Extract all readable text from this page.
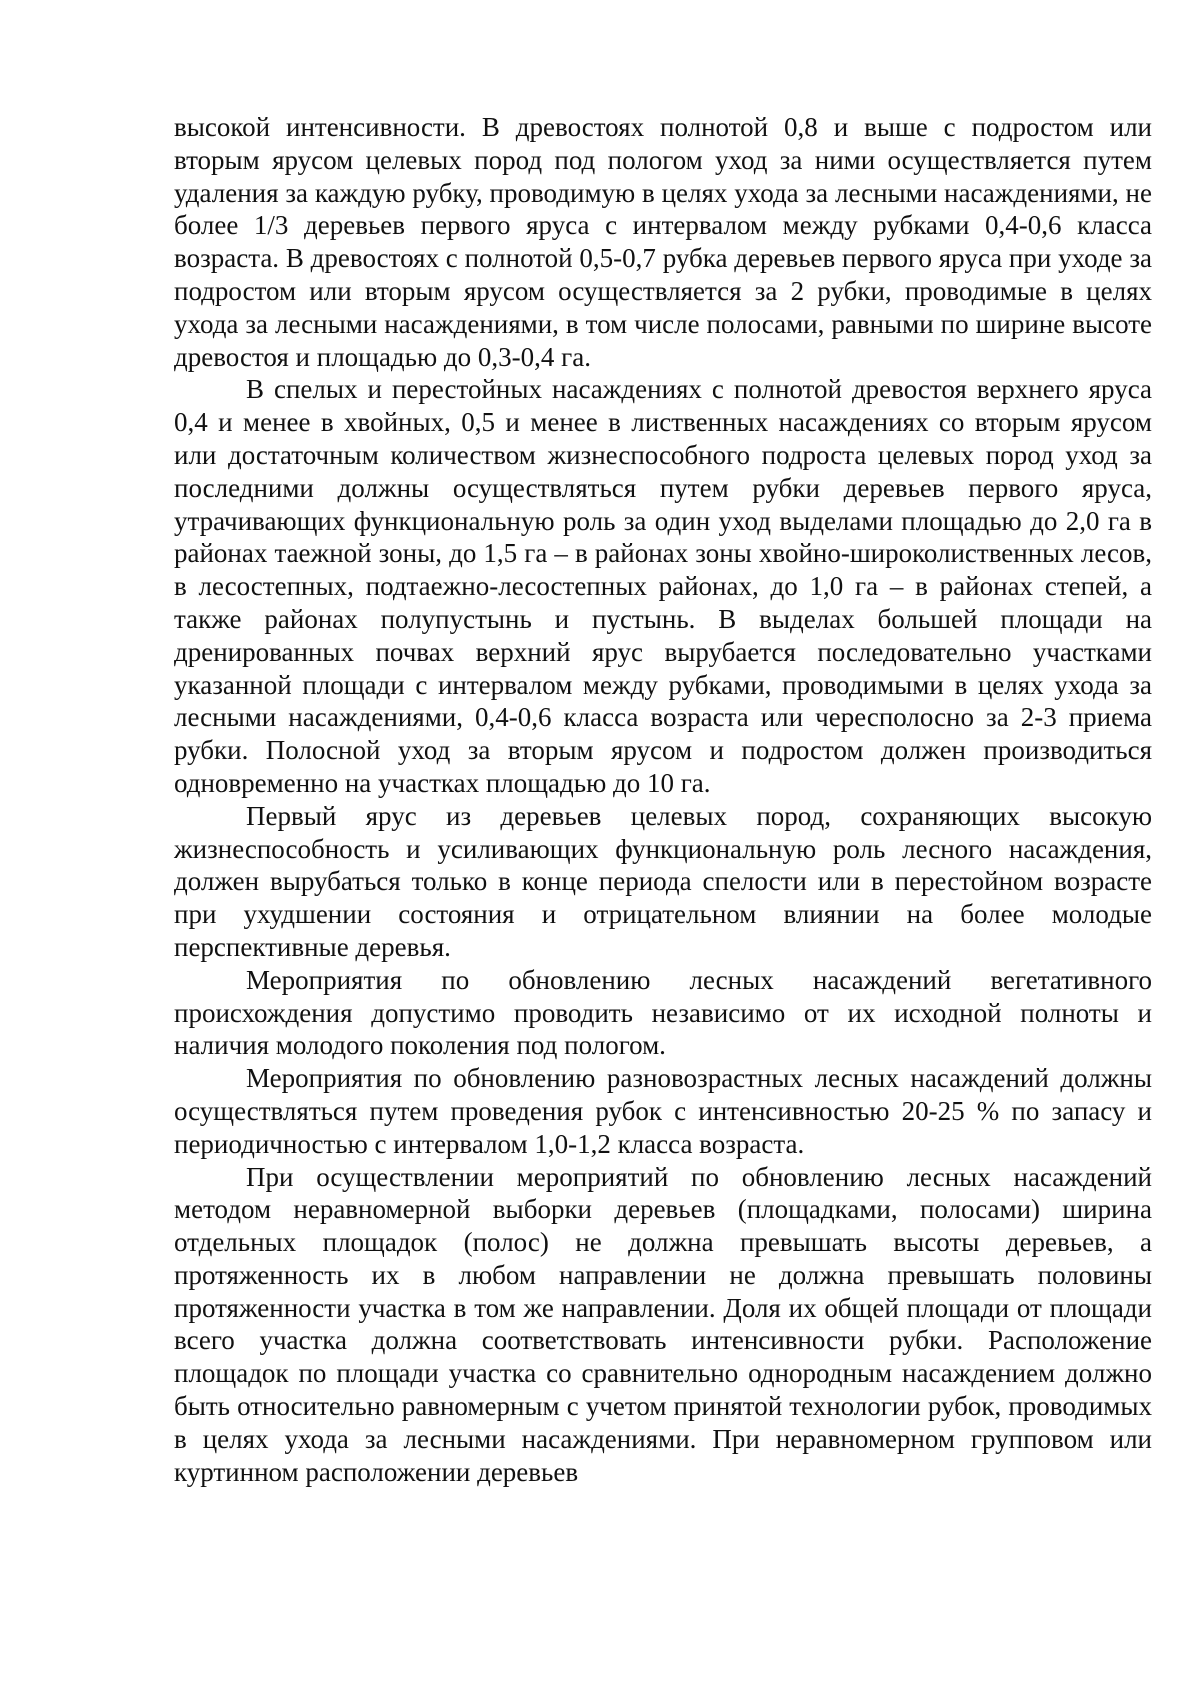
высокой интенсивности. В древостоях полнотой 0,8 и выше с подростом или вторым ярусом целевых пород под пологом уход за ними осуществляется путем удаления за каждую рубку, проводимую в целях ухода за лесными насаждениями, не более 1/3 деревьев первого яруса с интервалом между рубками 0,4-0,6 класса возраста. В древостоях с полнотой 0,5-0,7 рубка деревьев первого яруса при уходе за подростом или вторым ярусом осуществляется за 2 рубки, проводимые в целях ухода за лесными насаждениями, в том числе полосами, равными по ширине высоте древостоя и площадью до 0,3-0,4 га.

В спелых и перестойных насаждениях с полнотой древостоя верхнего яруса 0,4 и менее в хвойных, 0,5 и менее в лиственных насаждениях со вторым ярусом или достаточным количеством жизнеспособного подроста целевых пород уход за последними должны осуществляться путем рубки деревьев первого яруса, утрачивающих функциональную роль за один уход выделами площадью до 2,0 га в районах таежной зоны, до 1,5 га – в районах зоны хвойно-широколиственных лесов, в лесостепных, подтаежно-лесостепных районах, до 1,0 га – в районах степей, а также районах полупустынь и пустынь. В выделах большей площади на дренированных почвах верхний ярус вырубается последовательно участками указанной площади с интервалом между рубками, проводимыми в целях ухода за лесными насаждениями, 0,4-0,6 класса возраста или чересполосно за 2-3 приема рубки. Полосной уход за вторым ярусом и подростом должен производиться одновременно на участках площадью до 10 га.

Первый ярус из деревьев целевых пород, сохраняющих высокую жизнеспособность и усиливающих функциональную роль лесного насаждения, должен вырубаться только в конце периода спелости или в перестойном возрасте при ухудшении состояния и отрицательном влиянии на более молодые перспективные деревья.

Мероприятия по обновлению лесных насаждений вегетативного происхождения допустимо проводить независимо от их исходной полноты и наличия молодого поколения под пологом.

Мероприятия по обновлению разновозрастных лесных насаждений должны осуществляться путем проведения рубок с интенсивностью 20-25 % по запасу и периодичностью с интервалом 1,0-1,2 класса возраста.

При осуществлении мероприятий по обновлению лесных насаждений методом неравномерной выборки деревьев (площадками, полосами) ширина отдельных площадок (полос) не должна превышать высоты деревьев, а протяженность их в любом направлении не должна превышать половины протяженности участка в том же направлении. Доля их общей площади от площади всего участка должна соответствовать интенсивности рубки. Расположение площадок по площади участка со сравнительно однородным насаждением должно быть относительно равномерным с учетом принятой технологии рубок, проводимых в целях ухода за лесными насаждениями. При неравномерном групповом или куртинном расположении деревьев
